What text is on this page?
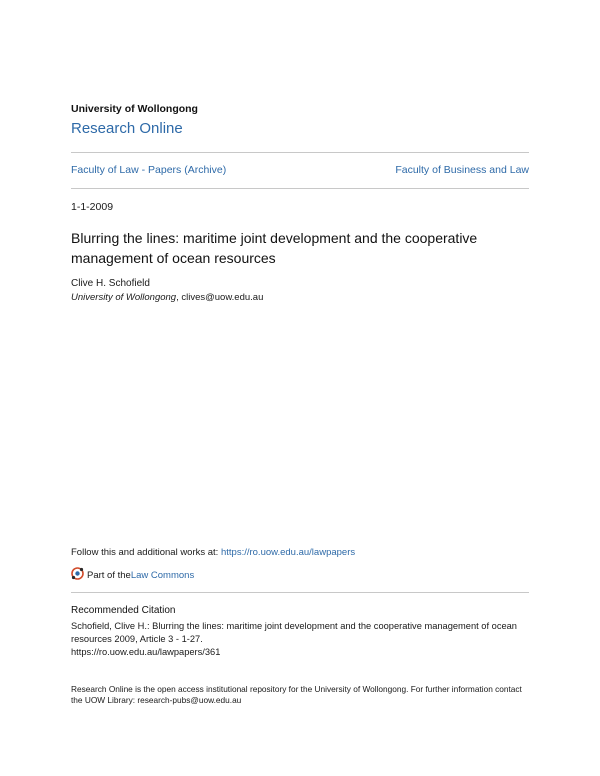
University of Wollongong
Research Online
Faculty of Law - Papers (Archive)	Faculty of Business and Law
1-1-2009
Blurring the lines: maritime joint development and the cooperative management of ocean resources
Clive H. Schofield
University of Wollongong, clives@uow.edu.au
Follow this and additional works at: https://ro.uow.edu.au/lawpapers
Part of the Law Commons
Recommended Citation
Schofield, Clive H.: Blurring the lines: maritime joint development and the cooperative management of ocean resources 2009, Article 3 - 1-27.
https://ro.uow.edu.au/lawpapers/361
Research Online is the open access institutional repository for the University of Wollongong. For further information contact the UOW Library: research-pubs@uow.edu.au
